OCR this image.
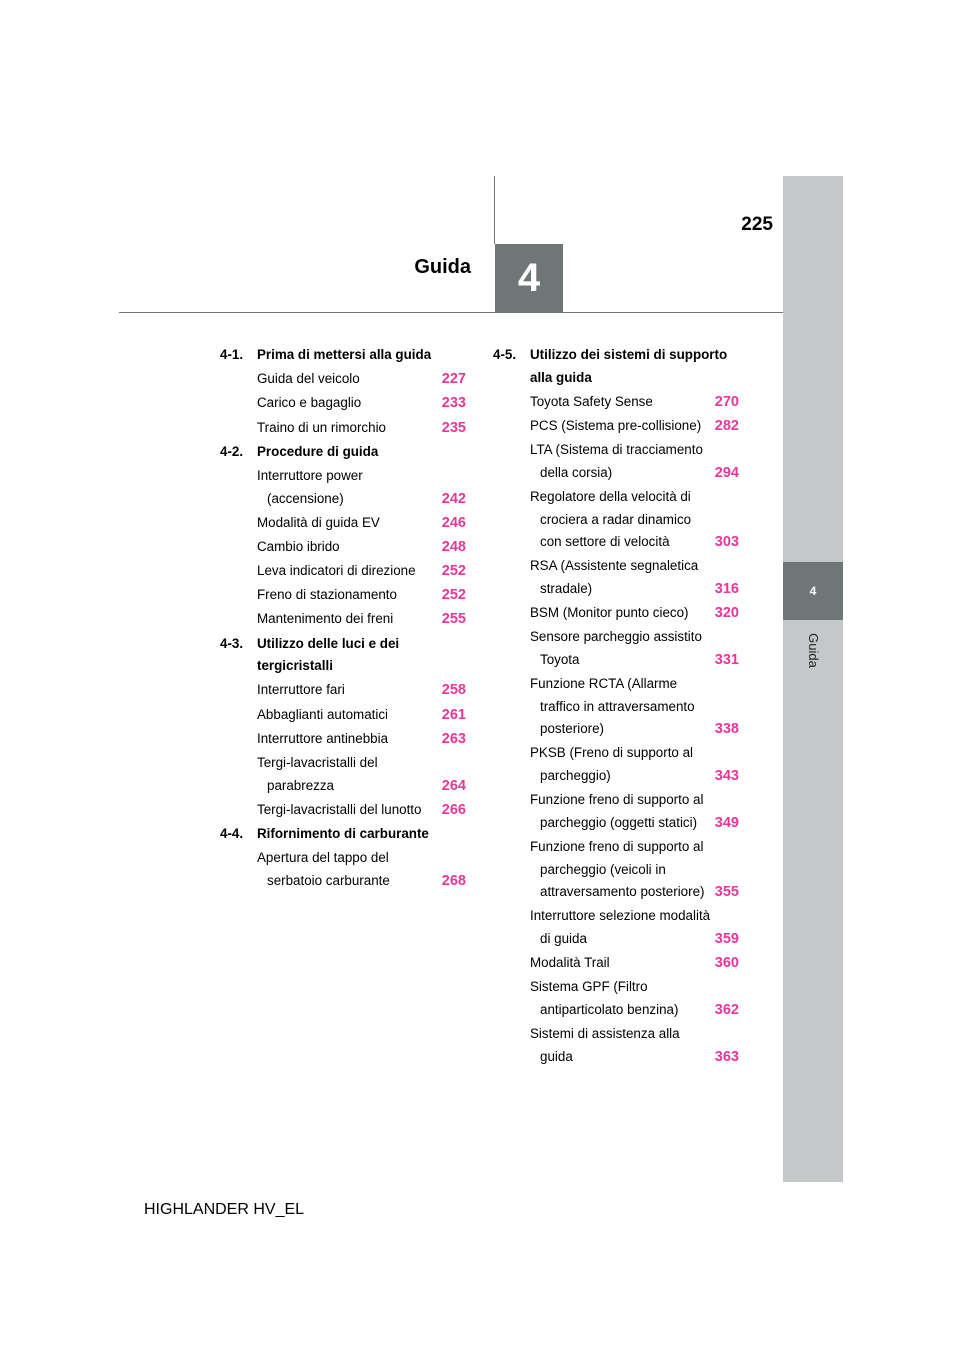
4
Guida
4
225
Guida
4-1.	Prima di mettersi alla guida
Guida del veicolo .....	227
Carico e bagaglio .....	233
Traino di un rimorchio .....	235
4-2.	Procedure di guida
Interruttore power (accensione)
.....	242
Modalità di guida EV .....	246
Cambio ibrido .....	248
Leva indicatori di direzione .....	252
Freno di stazionamento .....	252
Mantenimento dei freni .....	255
4-3.	Utilizzo delle luci e dei tergicristalli
Interruttore fari .....	258
Abbaglianti automatici .....	261
Interruttore antinebbia .....	263
Tergi-lavacristalli del parabrezza
.....	264
Tergi-lavacristalli del lunotto .....	266
4-4.	Rifornimento di carburante
Apertura del tappo del serbatoio carburante .....	268
4-5.	Utilizzo dei sistemi di supporto alla guida
Toyota Safety Sense .....	270
PCS (Sistema pre-collisione)
..... 282
LTA (Sistema di tracciamento della corsia) .....	294
Regolatore della velocità di crociera a radar dinamico con settore di velocità .....	303
RSA (Assistente segnaletica stradale) .....	316
BSM (Monitor punto cieco) .....	320
Sensore parcheggio assistito Toyota .....	331
Funzione RCTA (Allarme traffico in attraversamento posteriore)
.....	338
PKSB (Freno di supporto al parcheggio) .....	343
Funzione freno di supporto al parcheggio (oggetti statici) .....	349
Funzione freno di supporto al parcheggio (veicoli in attraversamento posteriore) ..... 355
Interruttore selezione modalità di guida .....	359
Modalità Trail .....	360
Sistema GPF (Filtro antiparticolato benzina) .....	362
Sistemi di assistenza alla guida
.....	363
HIGHLANDER HV_EL
